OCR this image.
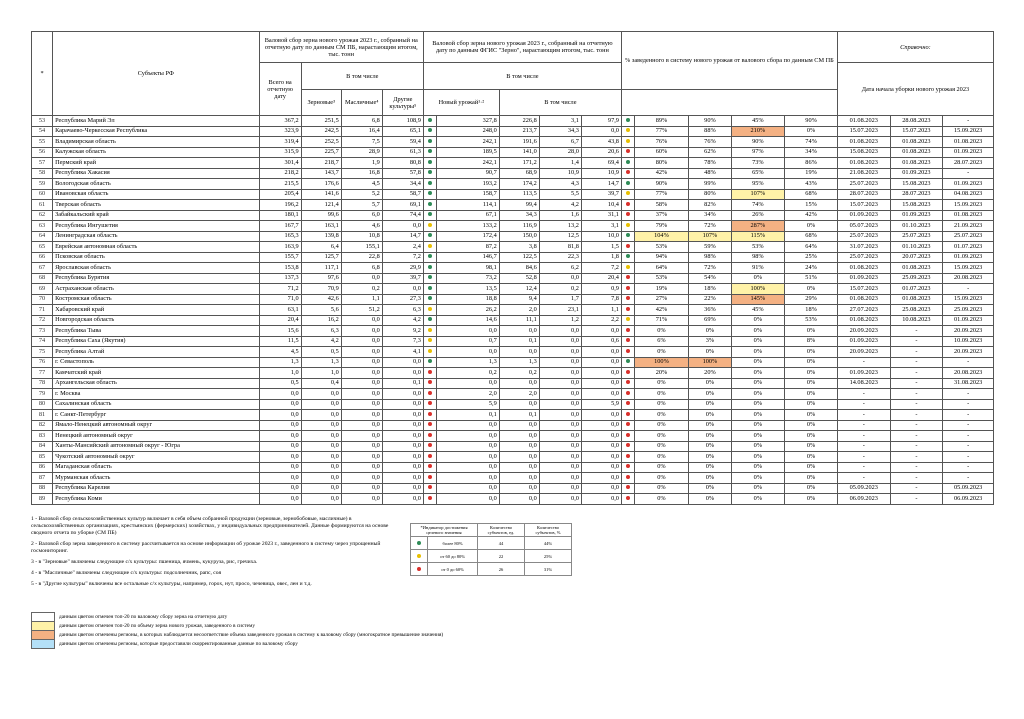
*	Субъекты РФ	Валовой сбор зерна нового урожая 2023 г., собранный на отчетную дату по данным СМ ПБ, нарастающим итогом, тыс. тонн				Валовой сбор зерна нового урожая 2023 г., собранный на отчетную дату по данным ФГИС "Зерно", нарастающим итогом, тыс. тонн					% заведенного в систему нового урожая от валового сбора по данным СМ ПБ					Справочно:		
		Всего на отчетную дату	В том числе			В том числе										Дата начала уборки нового урожая 2023		
			Зерновые³	Масличные⁴	Другие культуры⁵	Новый урожай¹·²		В том числе										
53	Республика Марий Эл	367,2	251,5	6,8	108,9		327,8	226,8	3,1	97,9		89%	90%	45%	90%	01.08.2023	28.08.2023	-
54	Карачаево-Черкесская Республика	323,9	242,5	16,4	65,1		248,0	213,7	34,3	0,0		77%	88%	210%	0%	15.07.2023	15.07.2023	15.09.2023
55	Владимирская область	319,4	252,5	7,5	59,4		242,1	191,6	6,7	43,8		76%	76%	90%	74%	01.08.2023	01.08.2023	01.08.2023
56	Калужская область	315,9	225,7	28,9	61,3		189,5	141,0	28,0	20,6		60%	62%	97%	34%	15.08.2023	01.08.2023	01.09.2023
57	Пермский край	301,4	218,7	1,9	80,8		242,1	171,2	1,4	69,4		80%	78%	73%	86%	01.08.2023	01.08.2023	28.07.2023
58	Республика Хакасия	218,2	143,7	16,8	57,8		90,7	68,9	10,9	10,9		42%	48%	65%	19%	21.08.2023	01.09.2023	-
59	Вологодская область	215,5	176,6	4,5	34,4		193,2	174,2	4,3	14,7		90%	99%	95%	43%	25.07.2023	15.08.2023	01.09.2023
60	Ивановская область	205,4	141,6	5,2	58,7		158,7	113,5	5,5	39,7		77%	80%	107%	68%	28.07.2023	28.07.2023	04.08.2023
61	Тверская область	196,2	121,4	5,7	69,1		114,1	99,4	4,2	10,4		58%	82%	74%	15%	15.07.2023	15.08.2023	15.09.2023
62	Забайкальский край	180,1	99,6	6,0	74,4		67,1	34,3	1,6	31,1		37%	34%	26%	42%	01.09.2023	01.09.2023	01.08.2023
63	Республика Ингушетия	167,7	163,1	4,6	0,0		133,2	116,9	13,2	3,1		79%	72%	287%	0%	05.07.2023	01.10.2023	21.09.2023
64	Ленинградская область	165,3	139,8	10,8	14,7		172,4	150,0	12,5	10,0		104%	107%	115%	68%	25.07.2023	25.07.2023	25.07.2023
65	Еврейская автономная область	163,9	6,4	155,1	2,4		87,2	3,8	81,8	1,5		53%	59%	53%	64%	31.07.2023	01.10.2023	01.07.2023
66	Псковская область	155,7	125,7	22,8	7,2		146,7	122,5	22,3	1,8		94%	98%	98%	25%	25.07.2023	20.07.2023	01.09.2023
67	Ярославская область	153,8	117,1	6,8	29,9		98,1	84,6	6,2	7,2		64%	72%	91%	24%	01.08.2023	01.08.2023	15.09.2023
68	Республика Бурятия	137,3	97,6	0,0	39,7		73,2	52,8	0,0	20,4		53%	54%	0%	51%	01.09.2023	25.09.2023	20.08.2023
69	Астраханская область	71,2	70,9	0,2	0,0		13,5	12,4	0,2	0,9		19%	18%	100%	0%	15.07.2023	01.07.2023	-
70	Костромская область	71,0	42,6	1,1	27,3		18,8	9,4	1,7	7,8		27%	22%	145%	29%	01.08.2023	01.08.2023	15.09.2023
71	Хабаровский край	63,1	5,6	51,2	6,3		26,2	2,0	23,1	1,1		42%	36%	45%	18%	27.07.2023	25.08.2023	25.09.2023
72	Новгородская область	20,4	16,2	0,0	4,2		14,6	11,1	1,2	2,2		71%	69%	0%	53%	01.08.2023	10.08.2023	01.09.2023
73	Республика Тыва	15,6	6,3	0,0	9,2		0,0	0,0	0,0	0,0		0%	0%	0%	0%	20.09.2023	-	20.09.2023
74	Республика Саха (Якутия)	11,5	4,2	0,0	7,3		0,7	0,1	0,0	0,6		6%	3%	0%	8%	01.09.2023	-	10.09.2023
75	Республика Алтай	4,5	0,5	0,0	4,1		0,0	0,0	0,0	0,0		0%	0%	0%	0%	20.09.2023	-	20.09.2023
76	г. Севастополь	1,3	1,3	0,0	0,0		1,3	1,3	0,0	0,0		100%	100%	0%	0%	-	-	-
77	Камчатский край	1,0	1,0	0,0	0,0		0,2	0,2	0,0	0,0		20%	20%	0%	0%	01.09.2023	-	20.08.2023
78	Архангельская область	0,5	0,4	0,0	0,1		0,0	0,0	0,0	0,0		0%	0%	0%	0%	14.08.2023	-	31.08.2023
79	г. Москва	0,0	0,0	0,0	0,0		2,0	2,0	0,0	0,0		0%	0%	0%	0%	-	-	-
80	Сахалинская область	0,0	0,0	0,0	0,0		5,9	0,0	0,0	5,9		0%	0%	0%	0%	-	-	-
81	г. Санкт-Петербург	0,0	0,0	0,0	0,0		0,1	0,1	0,0	0,0		0%	0%	0%	0%	-	-	-
82	Ямало-Ненецкий автономный округ	0,0	0,0	0,0	0,0		0,0	0,0	0,0	0,0		0%	0%	0%	0%	-	-	-
83	Ненецкий автономный округ	0,0	0,0	0,0	0,0		0,0	0,0	0,0	0,0		0%	0%	0%	0%	-	-	-
84	Ханты-Мансийский автономный округ - Югра	0,0	0,0	0,0	0,0		0,0	0,0	0,0	0,0		0%	0%	0%	0%	-	-	-
85	Чукотский автономный округ	0,0	0,0	0,0	0,0		0,0	0,0	0,0	0,0		0%	0%	0%	0%	-	-	-
86	Магаданская область	0,0	0,0	0,0	0,0		0,0	0,0	0,0	0,0		0%	0%	0%	0%	-	-	-
87	Мурманская область	0,0	0,0	0,0	0,0		0,0	0,0	0,0	0,0		0%	0%	0%	0%	-	-	-
88	Республика Карелия	0,0	0,0	0,0	0,0		0,0	0,0	0,0	0,0		0%	0%	0%	0%	05.09.2023	-	05.09.2023
89	Республика Коми	0,0	0,0	0,0	0,0		0,0	0,0	0,0	0,0		0%	0%	0%	0%	06.09.2023	-	06.09.2023

1 - Валовой сбор сельскохозяйственных культур включает в себя объем собранной продукции (зерновые, зернобобовые, масличные) в сельскохозяйственных организациях, крестьянских (фермерских) хозяйствах, у индивидуальных предпринимателей. Данные формируются на основе сводного отчета по уборке (СМ ПБ)

2 - Валовой сбор зерна заведенного в систему рассчитывается на основе информации об урожае 2023 г., заведенного в систему через упрощенный госмониторинг.

3 - в "Зерновые" включены следующие с/х культуры: пшеница, ячмень, кукуруза, рис, гречиха.

4 - в "Масличные" включены следующие с/х культуры: подсолнечник, рапс, соя

5 - в "Другие культуры" включены все остальные с/х культуры, например, горох, нут, просо, чечевица, овес, лен и т.д.

*Индикатор достижения целевого значения		Количество субъектов, ед.	Количество субъектов, %
	более 80%	44	44%
	от 60 до 80%	22	25%
	от 0 до 60%	26	31%
данным цветом отмечен топ-20 по валовому сбору зерна на отчетную дату
данным цветом отмечен топ-20 по объему зерна нового урожая, заведенного в систему
данным цветом отмечены регионы, в которых наблюдается несоответствие объема заведенного урожая в систему к валовому сбору (многократное превышение значения)
данным цветом отмечены регионы, которые предоставили скорректированные данные по валовому сбору
